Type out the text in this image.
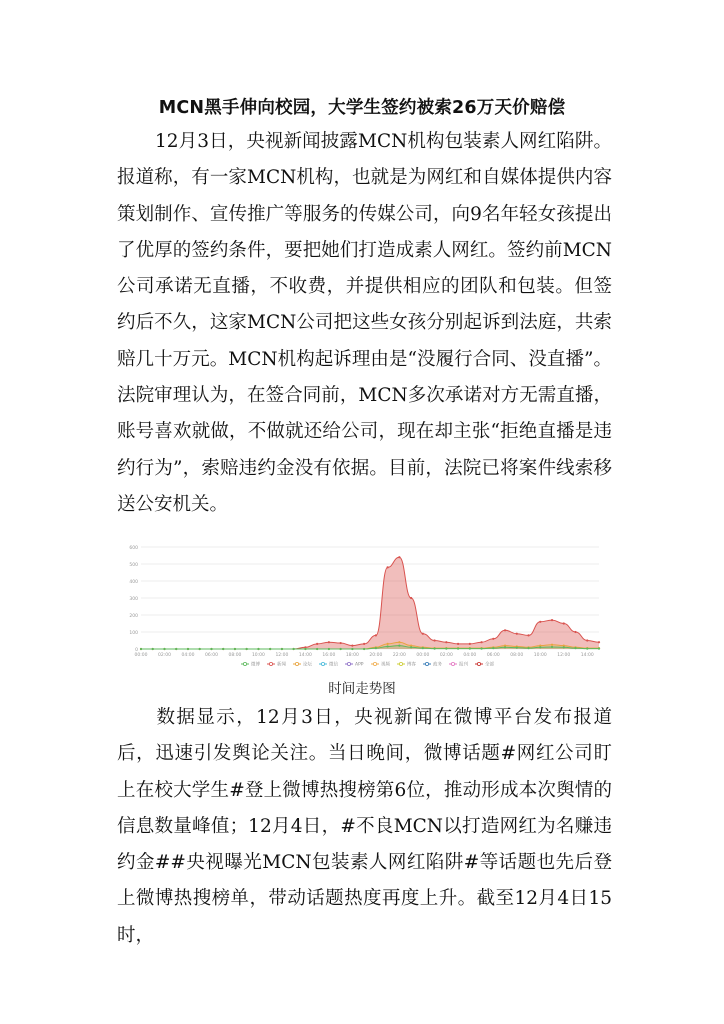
MCN黑手伸向校园，大学生签约被索26万天价赔偿

12月3日，央视新闻披露MCN机构包装素人网红陷阱。报道称，有一家MCN机构，也就是为网红和自媒体提供内容策划制作、宣传推广等服务的传媒公司，向9名年轻女孩提出了优厚的签约条件，要把她们打造成素人网红。签约前MCN公司承诺无直播，不收费，并提供相应的团队和包装。但签约后不久，这家MCN公司把这些女孩分别起诉到法庭，共索赔几十万元。MCN机构起诉理由是“没履行合同、没直播”。法院审理认为，在签合同前，MCN多次承诺对方无需直播，账号喜欢就做，不做就还给公司，现在却主张“拒绝直播是违约行为”，索赔违约金没有依据。目前，法院已将案件线索移送公安机关。

0
100
200
300
400
500
600
00:00 02:00 04:00 06:00 08:00 10:00 12:00 14:00 16:00 18:00 20:00 22:00 00:00 02:00 04:00 06:00 08:00 10:00 12:00 14:00
微博	新闻	论坛	微信	APP	视频	博客	政务	报刊	全部
时间走势图

数据显示，12月3日，央视新闻在微博平台发布报道后，迅速引发舆论关注。当日晚间，微博话题#网红公司盯上在校大学生#登上微博热搜榜第6位，推动形成本次舆情的信息数量峰值；12月4日，#不良MCN以打造网红为名赚违约金##央视曝光MCN包装素人网红陷阱#等话题也先后登上微博热搜榜单，带动话题热度再度上升。截至12月4日15时，
